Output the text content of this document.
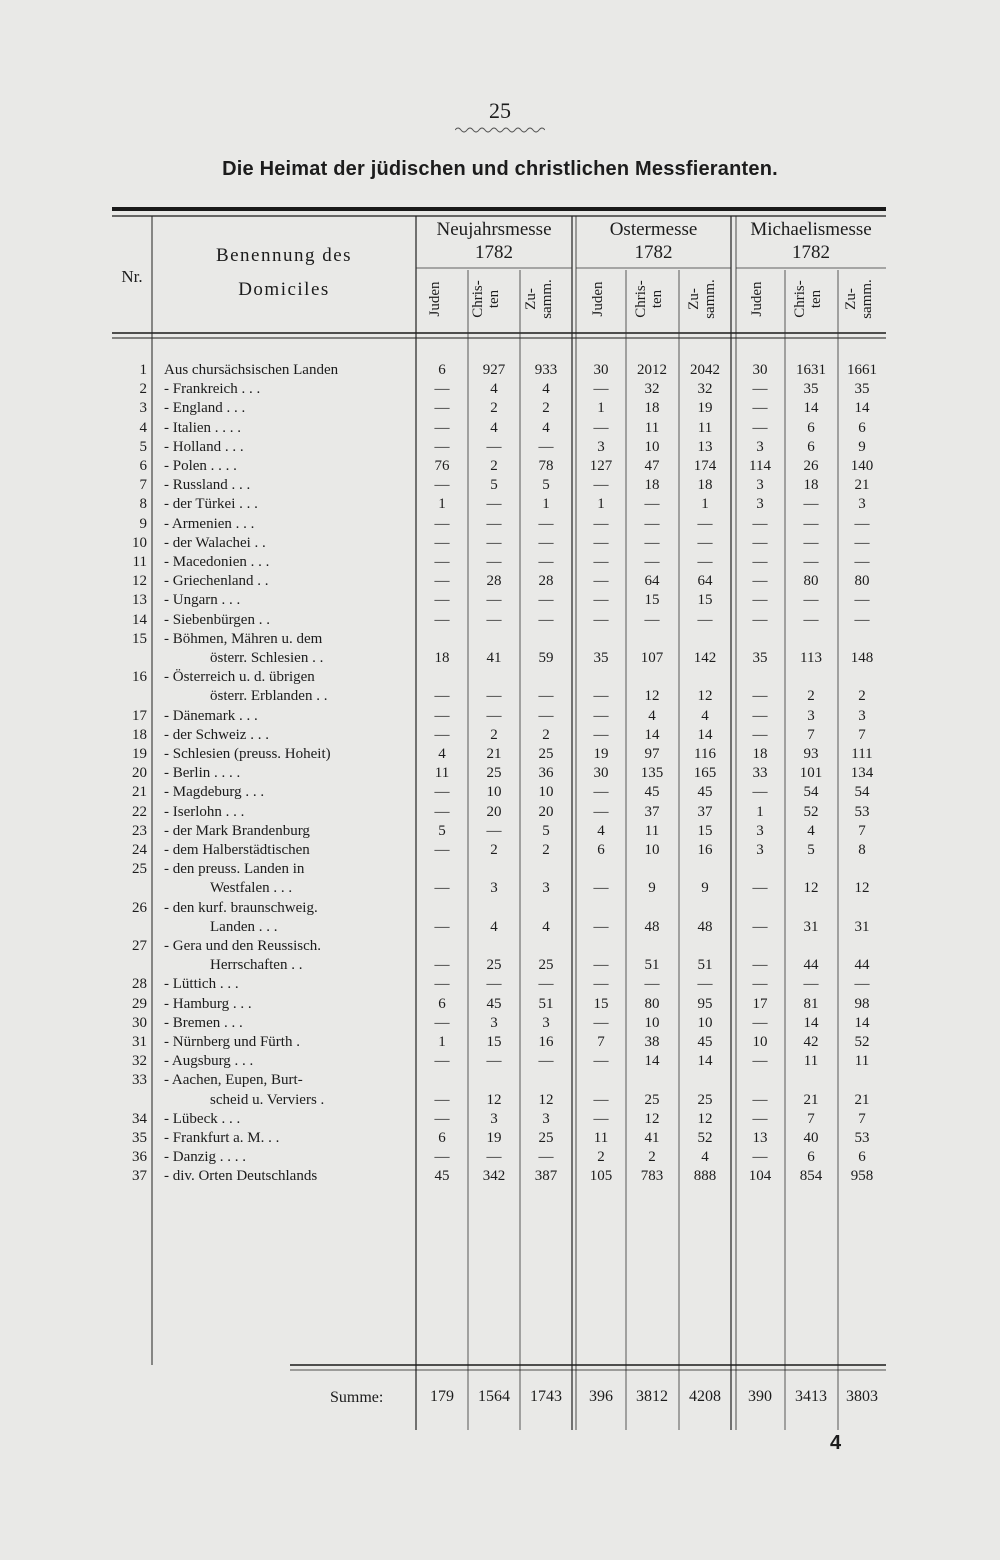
25
Die Heimat der jüdischen und christlichen Messfieranten.
Nr.
Benennung des
Domiciles
Neujahrsmesse
1782
Ostermesse
1782
Michaelismesse
1782
Juden	Chris- ten Zu- samm. Juden	Chris- ten Zu- samm. Juden	Chris- ten Zu- samm.
1 Aus chursächsischen Landen	6	927	933	30	2012	2042	30	1631	1661
2 - Frankreich . . .	—	4	4	—	32	32	—	35	35
3 - England . . .	—	2	2	1	18	19	—	14	14
4 - Italien . . . .	—	4	4	—	11	11	—	6	6
5 - Holland . . .	—	—	—	3	10	13	3	6	9
6 - Polen . . . .	76	2	78	127	47	174	114	26	140
7 - Russland . . .	—	5	5	—	18	18	3	18	21
8 - der Türkei . . .	1	—	1	1	—	1	3	—	3
9 - Armenien . . .	—	—	—	—	—	—	—	—	—
10 - der Walachei . .	—	—	—	—	—	—	—	—	—
11 - Macedonien . . .	—	—	—	—	—	—	—	—	—
12 - Griechenland . .	—	28	28	—	64	64	—	80	80
13 - Ungarn . . .	—	—	—	—	15	15	—	—	—
14 - Siebenbürgen . .	—	—	—	—	—	—	—	—	—
15 - Böhmen, Mähren u. dem
österr. Schlesien . .	18	41	59	35	107	142	35	113	148
16 - Österreich u. d. übrigen
österr. Erblanden . .	—	—	—	—	12	12	—	2	2
17 - Dänemark . . .	—	—	—	—	4	4	—	3	3
18 - der Schweiz . . .	—	2	2	—	14	14	—	7	7
19 - Schlesien (preuss. Hoheit)	4	21	25	19	97	116	18	93	111
20 - Berlin . . . .	11	25	36	30	135	165	33	101	134
21 - Magdeburg . . .	—	10	10	—	45	45	—	54	54
22 - Iserlohn . . .	—	20	20	—	37	37	1	52	53
23 - der Mark Brandenburg	5	—	5	4	11	15	3	4	7
24 - dem Halberstädtischen	—	2	2	6	10	16	3	5	8
25 - den preuss. Landen in
Westfalen . . .	—	3	3	—	9	9	—	12	12
26 - den kurf. braunschweig.
Landen . . .	—	4	4	—	48	48	—	31	31
27 - Gera und den Reussisch.
Herrschaften . .	—	25	25	—	51	51	—	44	44
28 - Lüttich . . .	—	—	—	—	—	—	—	—	—
29 - Hamburg . . .	6	45	51	15	80	95	17	81	98
30 - Bremen . . .	—	3	3	—	10	10	—	14	14
31 - Nürnberg und Fürth .	1	15	16	7	38	45	10	42	52
32 - Augsburg . . .	—	—	—	—	14	14	—	11	11
33 - Aachen, Eupen, Burt-
scheid u. Verviers .	—	12	12	—	25	25	—	21	21
34 - Lübeck . . .	—	3	3	—	12	12	—	7	7
35 - Frankfurt a. M. . .	6	19	25	11	41	52	13	40	53
36 - Danzig . . . .	—	—	—	2	2	4	—	6	6
37 - div. Orten Deutschlands	45	342	387	105	783	888	104	854	958
Summe:	179	1564	1743	396	3812	4208	390	3413	3803
4
